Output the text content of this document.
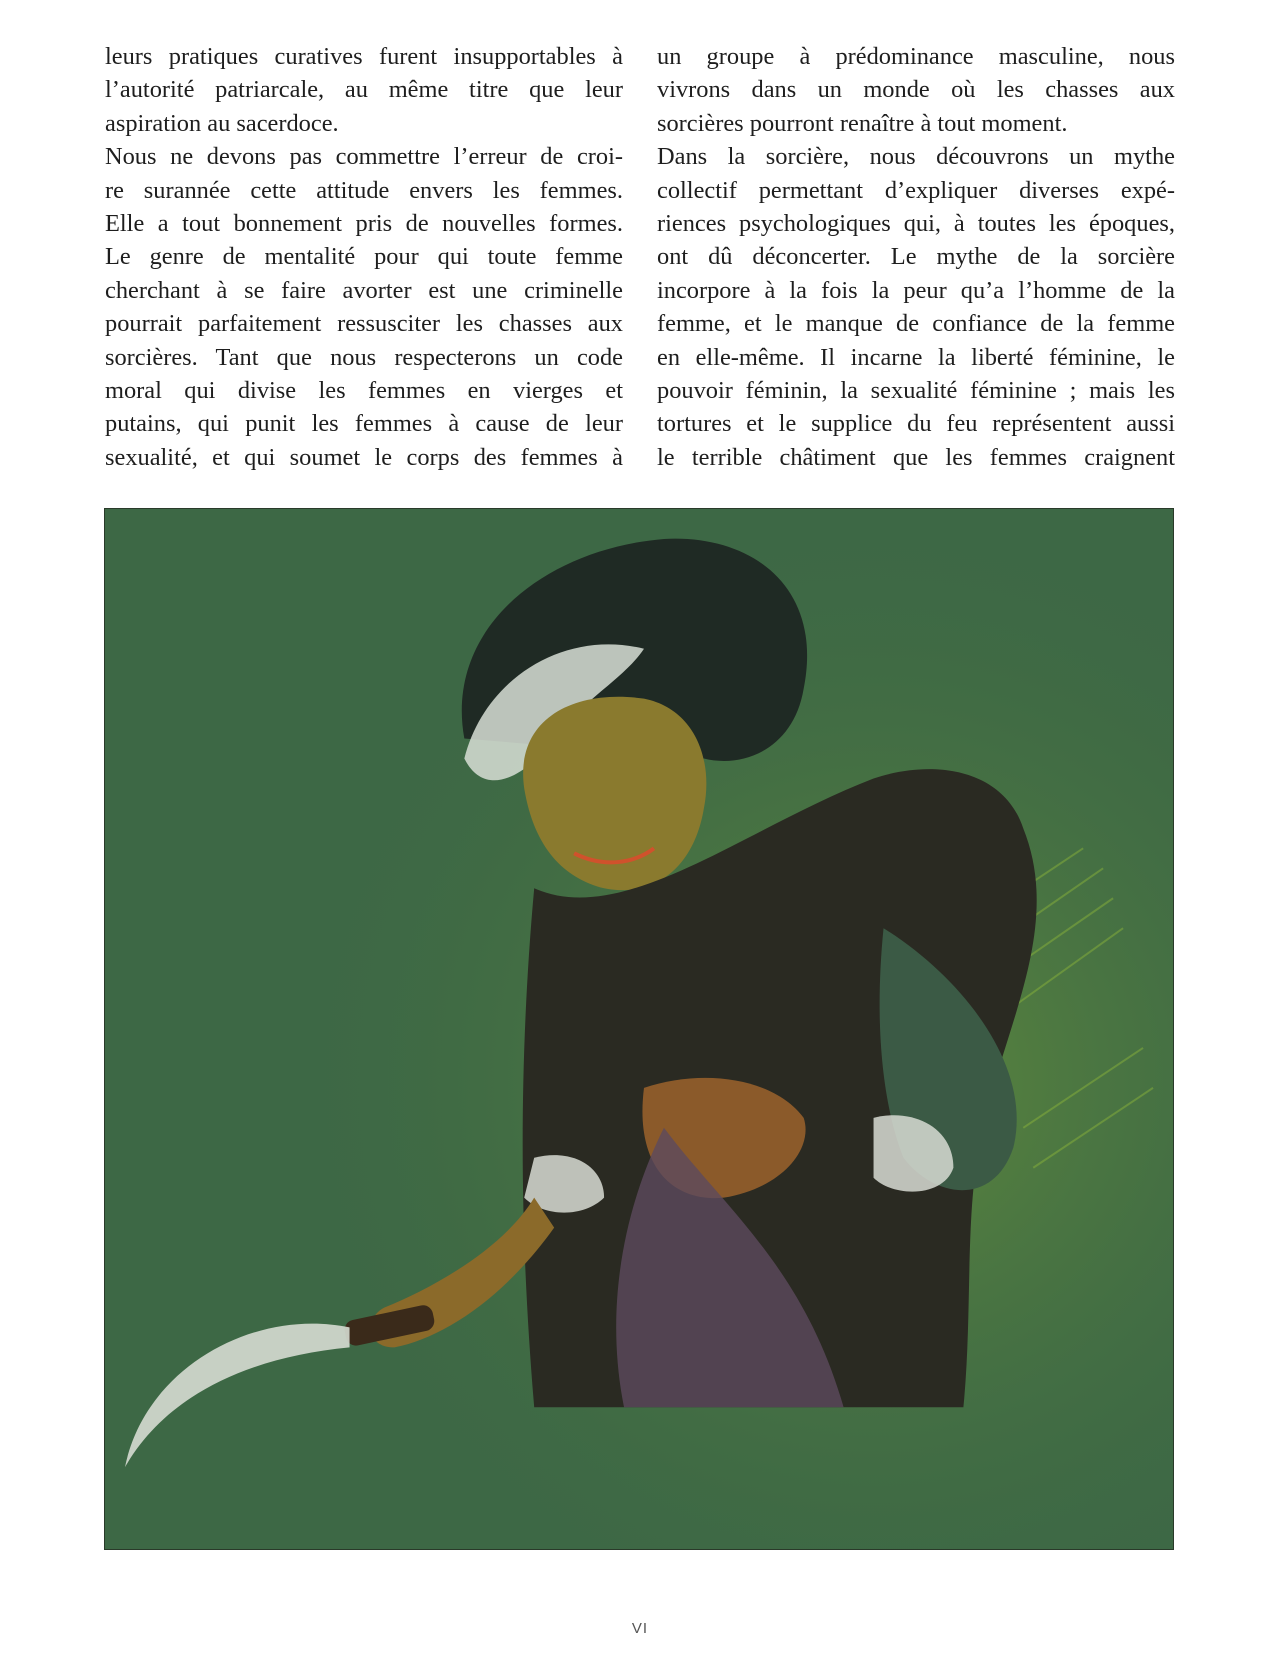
leurs pratiques curatives furent insupportables à
l’autorité patriarcale, au même titre que leur
aspiration au sacerdoce.
Nous ne devons pas commettre l’erreur de croi-
re surannée cette attitude envers les femmes.
Elle a tout bonnement pris de nouvelles formes.
Le genre de mentalité pour qui toute femme
cherchant à se faire avorter est une criminelle
pourrait parfaitement ressusciter les chasses aux
sorcières. Tant que nous respecterons un code
moral qui divise les femmes en vierges et
putains, qui punit les femmes à cause de leur
sexualité, et qui soumet le corps des femmes à
un groupe à prédominance masculine, nous
vivrons dans un monde où les chasses aux
sorcières pourront renaître à tout moment.
Dans la sorcière, nous découvrons un mythe
collectif permettant d’expliquer diverses expé-
riences psychologiques qui, à toutes les époques,
ont dû déconcerter. Le mythe de la sorcière
incorpore à la fois la peur qu’a l’homme de la
femme, et le manque de confiance de la femme
en elle-même. Il incarne la liberté féminine, le
pouvoir féminin, la sexualité féminine ; mais les
tortures et le supplice du feu représentent aussi
le terrible châtiment que les femmes craignent
VI
